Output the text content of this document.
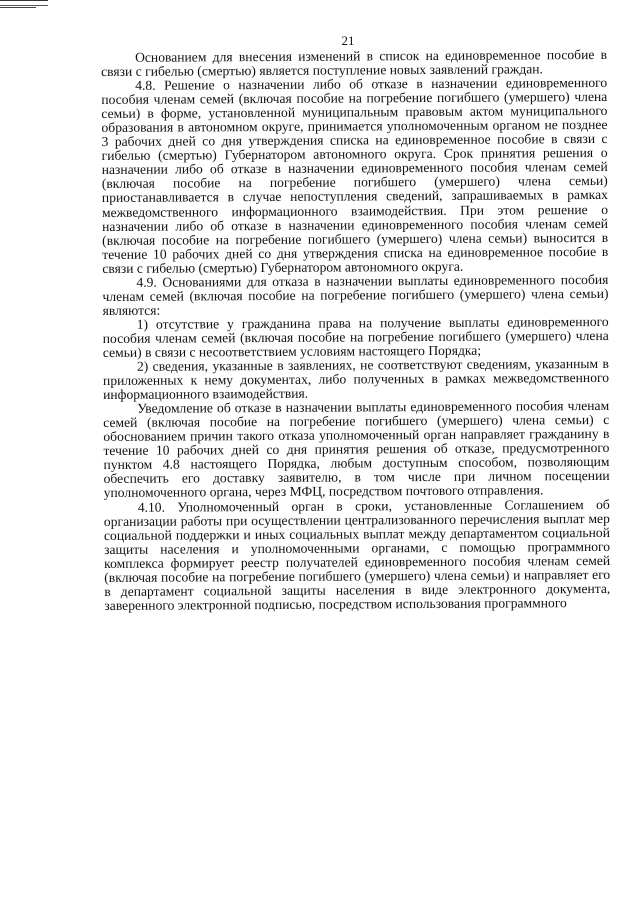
21

Основанием для внесения изменений в список на единовременное пособие в связи с гибелью (смертью) является поступление новых заявлений граждан.

4.8. Решение о назначении либо об отказе в назначении единовременного пособия членам семей (включая пособие на погребение погибшего (умершего) члена семьи) в форме, установленной муниципальным правовым актом муниципального образования в автономном округе, принимается уполномоченным органом не позднее 3 рабочих дней со дня утверждения списка на единовременное пособие в связи с гибелью (смертью) Губернатором автономного округа. Срок принятия решения о назначении либо об отказе в назначении единовременного пособия членам семей (включая пособие на погребение погибшего (умершего) члена семьи) приостанавливается в случае непоступления сведений, запрашиваемых в рамках межведомственного информационного взаимодействия. При этом решение о назначении либо об отказе в назначении единовременного пособия членам семей (включая пособие на погребение погибшего (умершего) члена семьи) выносится в течение 10 рабочих дней со дня утверждения списка на единовременное пособие в связи с гибелью (смертью) Губернатором автономного округа.

4.9. Основаниями для отказа в назначении выплаты единовременного пособия членам семей (включая пособие на погребение погибшего (умершего) члена семьи) являются:

1) отсутствие у гражданина права на получение выплаты единовременного пособия членам семей (включая пособие на погребение погибшего (умершего) члена семьи) в связи с несоответствием условиям настоящего Порядка;

2) сведения, указанные в заявлениях, не соответствуют сведениям, указанным в приложенных к нему документах, либо полученных в рамках межведомственного информационного взаимодействия.

Уведомление об отказе в назначении выплаты единовременного пособия членам семей (включая пособие на погребение погибшего (умершего) члена семьи) с обоснованием причин такого отказа уполномоченный орган направляет гражданину в течение 10 рабочих дней со дня принятия решения об отказе, предусмотренного пунктом 4.8 настоящего Порядка, любым доступным способом, позволяющим обеспечить его доставку заявителю, в том числе при личном посещении уполномоченного органа, через МФЦ, посредством почтового отправления.

4.10. Уполномоченный орган в сроки, установленные Соглашением об организации работы при осуществлении централизованного перечисления выплат мер социальной поддержки и иных социальных выплат между департаментом социальной защиты населения и уполномоченными органами, с помощью программного комплекса формирует реестр получателей единовременного пособия членам семей (включая пособие на погребение погибшего (умершего) члена семьи) и направляет его в департамент социальной защиты населения в виде электронного документа, заверенного электронной подписью, посредством использования программного
